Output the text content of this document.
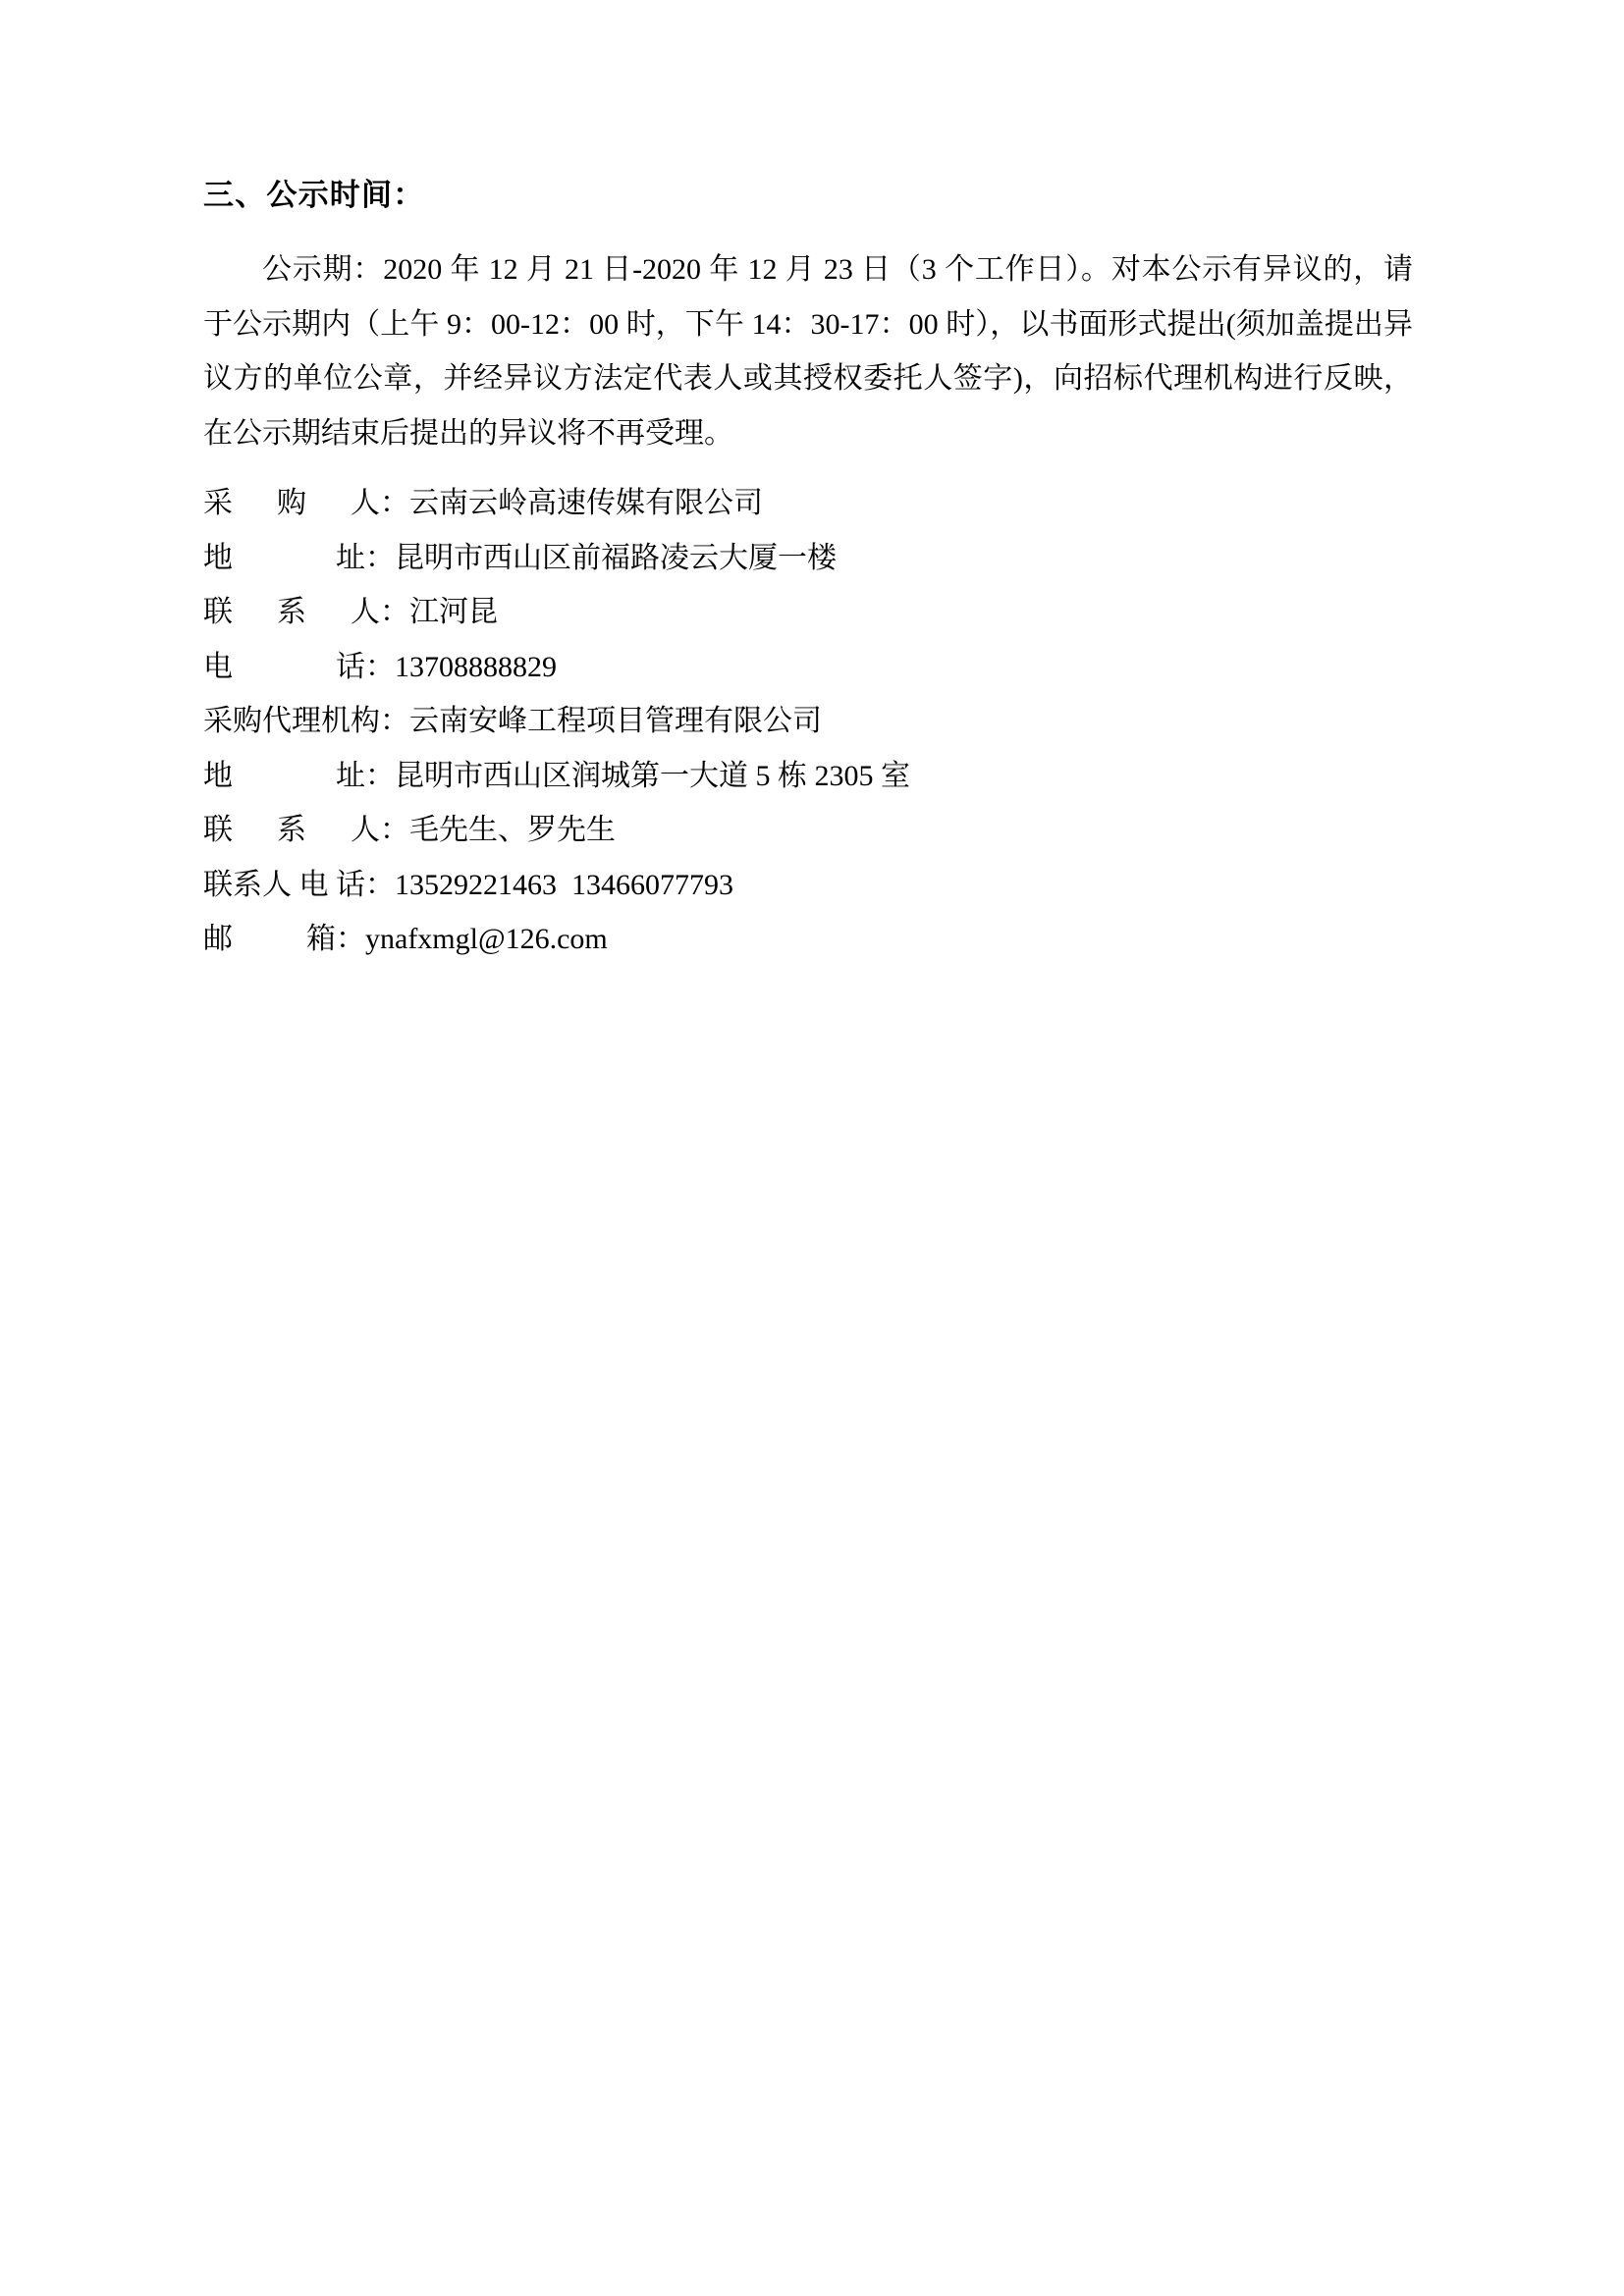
三、公示时间：

公示期：2020 年 12 月 21 日-2020 年 12 月 23 日（3 个工作日）。对本公示有异议的，请于公示期内（上午 9：00-12：00 时，下午 14：30-17：00 时），以书面形式提出(须加盖提出异议方的单位公章，并经异议方法定代表人或其授权委托人签字)，向招标代理机构进行反映，在公示期结束后提出的异议将不再受理。

采　  购　  人：云南云岭高速传媒有限公司

地　　　  址：昆明市西山区前福路凌云大厦一楼

联　  系　  人：江河昆

电　　　  话：13708888829

采购代理机构：云南安峰工程项目管理有限公司

地　　　  址：昆明市西山区润城第一大道 5 栋 2305 室

联　  系　  人：毛先生、罗先生

联系人 电 话：13529221463  13466077793

邮　　  箱：ynafxmgl@126.com
